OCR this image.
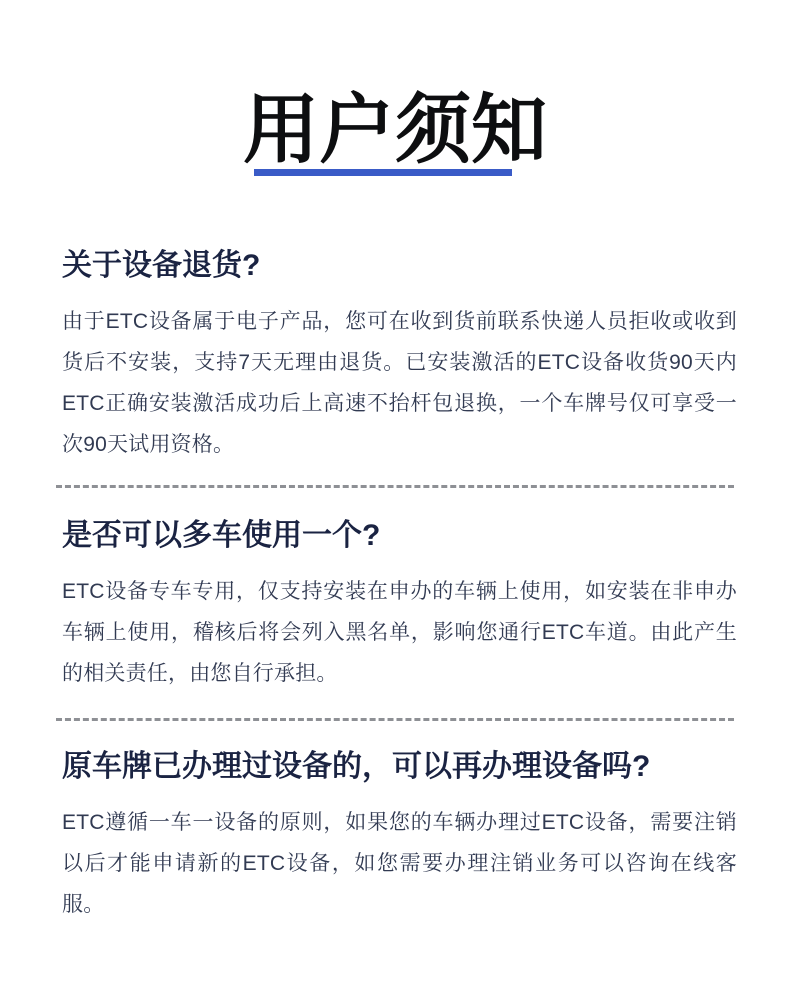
用户须知
关于设备退货?

由于ETC设备属于电子产品，您可在收到货前联系快递人员拒收或收到货后不安装，支持7天无理由退货。已安装激活的ETC设备收货90天内ETC正确安装激活成功后上高速不抬杆包退换，一个车牌号仅可享受一次90天试用资格。

是否可以多车使用一个?

ETC设备专车专用，仅支持安装在申办的车辆上使用，如安装在非申办车辆上使用，稽核后将会列入黑名单，影响您通行ETC车道。由此产生的相关责任，由您自行承担。

原车牌已办理过设备的，可以再办理设备吗?

ETC遵循一车一设备的原则，如果您的车辆办理过ETC设备，需要注销以后才能申请新的ETC设备，如您需要办理注销业务可以咨询在线客服。
